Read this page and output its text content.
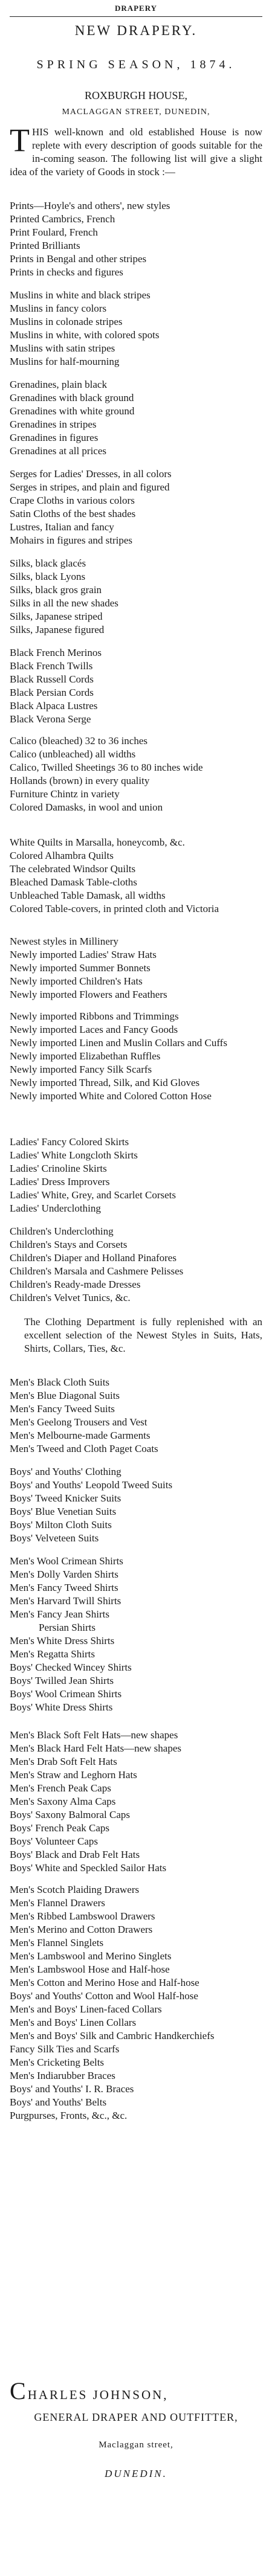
DRAPERY
NEW DRAPERY.
SPRING SEASON, 1874.
ROXBURGH HOUSE,
MACLAGGAN STREET, DUNEDIN,
T HIS well-known and old established House is now replete with every description of goods suitable for the in-coming season. The following list will give a slight idea of the variety of Goods in stock :—
Prints—Hoyle's and others', new styles
Printed Cambrics, French
Print Foulard, French
Printed Brilliants
Prints in Bengal and other stripes
Prints in checks and figures
Muslins in white and black stripes
Muslins in fancy colors
Muslins in colonade stripes
Muslins in white, with colored spots
Muslins with satin stripes
Muslins for half-mourning
Grenadines, plain black
Grenadines with black ground
Grenadines with white ground
Grenadines in stripes
Grenadines in figures
Grenadines at all prices
Serges for Ladies' Dresses, in all colors
Serges in stripes, and plain and figured
Crape Cloths in various colors
Satin Cloths of the best shades
Lustres, Italian and fancy
Mohairs in figures and stripes
Silks, black glacés
Silks, black Lyons
Silks, black gros grain
Silks in all the new shades
Silks, Japanese striped
Silks, Japanese figured
Black French Merinos
Black French Twills
Black Russell Cords
Black Persian Cords
Black Alpaca Lustres
Black Verona Serge
Calico (bleached) 32 to 36 inches
Calico (unbleached) all widths
Calico, Twilled Sheetings 36 to 80 inches wide
Hollands (brown) in every quality
Furniture Chintz in variety
Colored Damasks, in wool and union
White Quilts in Marsalla, honeycomb, &c.
Colored Alhambra Quilts
The celebrated Windsor Quilts
Bleached Damask Table-cloths
Unbleached Table Damask, all widths
Colored Table-covers, in printed cloth and Victoria
Newest styles in Millinery
Newly imported Ladies' Straw Hats
Newly imported Summer Bonnets
Newly imported Children's Hats
Newly imported Flowers and Feathers
Newly imported Ribbons and Trimmings
Newly imported Laces and Fancy Goods
Newly imported Linen and Muslin Collars and Cuffs
Newly imported Elizabethan Ruffles
Newly imported Fancy Silk Scarfs
Newly imported Thread, Silk, and Kid Gloves
Newly imported White and Colored Cotton Hose
Ladies' Fancy Colored Skirts
Ladies' White Longcloth Skirts
Ladies' Crinoline Skirts
Ladies' Dress Improvers
Ladies' White, Grey, and Scarlet Corsets
Ladies' Underclothing
Children's Underclothing
Children's Stays and Corsets
Children's Diaper and Holland Pinafores
Children's Marsala and Cashmere Pelisses
Children's Ready-made Dresses
Children's Velvet Tunics, &c.
The Clothing Department is fully replenished with an excellent selection of the Newest Styles in Suits, Hats, Shirts, Collars, Ties, &c.
Men's Black Cloth Suits
Men's Blue Diagonal Suits
Men's Fancy Tweed Suits
Men's Geelong Trousers and Vest
Men's Melbourne-made Garments
Men's Tweed and Cloth Paget Coats
Boys' and Youths' Clothing
Boys' and Youths' Leopold Tweed Suits
Boys' Tweed Knicker Suits
Boys' Blue Venetian Suits
Boys' Milton Cloth Suits
Boys' Velveteen Suits
Men's Wool Crimean Shirts
Men's Dolly Varden Shirts
Men's Fancy Tweed Shirts
Men's Harvard Twill Shirts
Men's Fancy Jean Shirts
Persian Shirts
Men's White Dress Shirts
Men's Regatta Shirts
Boys' Checked Wincey Shirts
Boys' Twilled Jean Shirts
Boys' Wool Crimean Shirts
Boys' White Dress Shirts
Men's Black Soft Felt Hats—new shapes
Men's Black Hard Felt Hats—new shapes
Men's Drab Soft Felt Hats
Men's Straw and Leghorn Hats
Men's French Peak Caps
Men's Saxony Alma Caps
Boys' Saxony Balmoral Caps
Boys' French Peak Caps
Boys' Volunteer Caps
Boys' Black and Drab Felt Hats
Boys' White and Speckled Sailor Hats
Men's Scotch Plaiding Drawers
Men's Flannel Drawers
Men's Ribbed Lambswool Drawers
Men's Merino and Cotton Drawers
Men's Flannel Singlets
Men's Lambswool and Merino Singlets
Men's Lambswool Hose and Half-hose
Men's Cotton and Merino Hose and Half-hose
Boys' and Youths' Cotton and Wool Half-hose
Men's and Boys' Linen-faced Collars
Men's and Boys' Linen Collars
Men's and Boys' Silk and Cambric Handkerchiefs
Fancy Silk Ties and Scarfs
Men's Cricketing Belts
Men's Indiarubber Braces
Boys' and Youths' I. R. Braces
Boys' and Youths' Belts
Purgpurses, Fronts, &c., &c.
CHARLES JOHNSON,
GENERAL DRAPER AND OUTFITTER,
Maclaggan street,
DUNEDIN.
